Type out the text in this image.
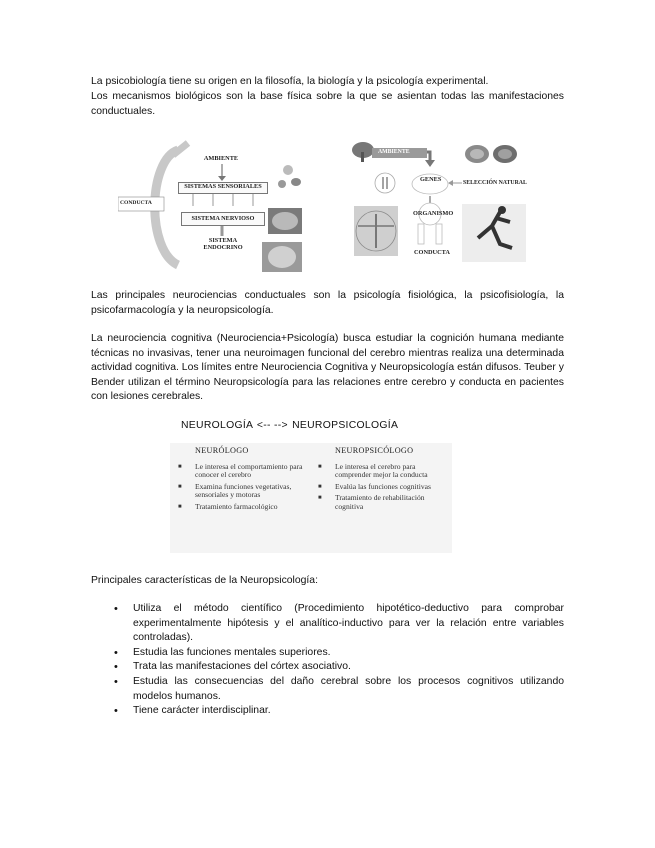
La psicobiología tiene su origen en la filosofía, la biología y la psicología experimental.

Los mecanismos biológicos son la base física sobre la que se asientan todas las manifestaciones conductuales.

AMBIENTE
SISTEMAS SENSORIALES
SISTEMA NERVIOSO
SISTEMA
ENDOCRINO
CONDUCTA
AMBIENTE
GENES	SELECCIÓN NATURAL
ORGANISMO
CONDUCTA

Las principales neurociencias conductuales son la psicología fisiológica, la psicofisiología, la psicofarmacología y la neuropsicología.

La neurociencia cognitiva (Neurociencia+Psicología) busca estudiar la cognición humana mediante técnicas no invasivas, tener una neuroimagen funcional del cerebro mientras realiza una determinada actividad cognitiva. Los límites entre Neurociencia Cognitiva y Neuropsicología están difusos. Teuber y Bender utilizan el término Neuropsicología para las relaciones entre cerebro y conducta en pacientes con lesiones cerebrales.

NEUROLOGÍA <-- --> NEUROPSICOLOGÍA
NEURÓLOGO
■ Le interesa el comportamiento para conocer el cerebro
■ Examina funciones vegetativas, sensoriales y motoras
■ Tratamiento farmacológico
NEUROPSICÓLOGO
■ Le interesa el cerebro para comprender mejor la conducta
■ Evalúa las funciones cognitivas
■ Tratamiento de rehabilitación cognitiva

Principales características de la Neuropsicología:

• Utiliza el método científico (Procedimiento hipotético-deductivo para comprobar experimentalmente hipótesis y el analítico-inductivo para ver la relación entre variables controladas).
• Estudia las funciones mentales superiores.
• Trata las manifestaciones del córtex asociativo.
• Estudia las consecuencias del daño cerebral sobre los procesos cognitivos utilizando modelos humanos.
• Tiene carácter interdisciplinar.
